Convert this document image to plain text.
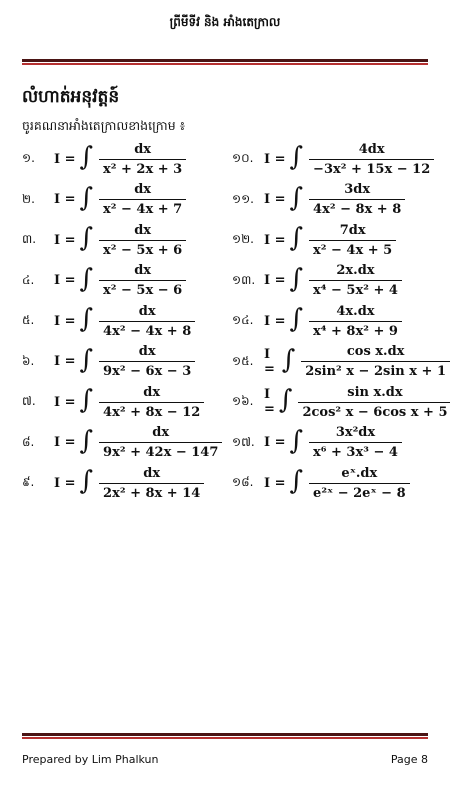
ព្រីមីទីវ និង អាំងតេក្រាល
លំហាត់អនុវត្តន៍
ចូរគណនាអាំងតេក្រាលខាងក្រោម ៖
១.	I = ∫ $\frac{dx}{\text{x² + 2x + 3}}$
២.	I = ∫ $\frac{dx}{\text{x² − 4x + 7}}$
៣.	I = ∫ $\frac{dx}{\text{x² − 5x + 6}}$
៤.	I = ∫ $\frac{dx}{\text{x² − 5x − 6}}$
៥.	I = ∫ $\frac{dx}{\text{4x² − 4x + 8}}$
៦.	I = ∫ $\frac{dx}{\text{9x² − 6x − 3}}$
៧.	I = ∫ $\frac{dx}{\text{4x² + 8x − 12}}$
៨.	I = ∫ $\frac{dx}{\text{9x² + 42x − 147}}$
៩.	I = ∫ $\frac{dx}{\text{2x² + 8x + 14}}$
១០. I = ∫ $\frac{4dx}{\text{−3x² + 15x − 12}}$
១១. I = ∫ $\frac{3dx}{\text{4x² − 8x + 8}}$
១២. I = ∫ $\frac{7dx}{\text{x² − 4x + 5}}$
១៣. I = ∫ $\frac{2x.dx}{\text{x⁴ − 5x² + 4}}$
១៤. I = ∫ $\frac{4x.dx}{\text{x⁴ + 8x² + 9}}$
១៥. I = ∫ $\frac{\text{cos x.dx}}{\text{2sin² x − 2sin x + 1}}$
១៦. I = ∫ $\frac{\text{sin x.dx}}{\text{2cos² x − 6cos x + 5}}$
១៧. I = ∫ $\frac{\text{3x²dx}}{\text{x⁶ + 3x³ − 4}}$
១៨. I = ∫ $\frac{\text{eˣ.dx}}{\text{e²ˣ − 2eˣ − 8}}$
Prepared by Lim Phalkun	Page 8
